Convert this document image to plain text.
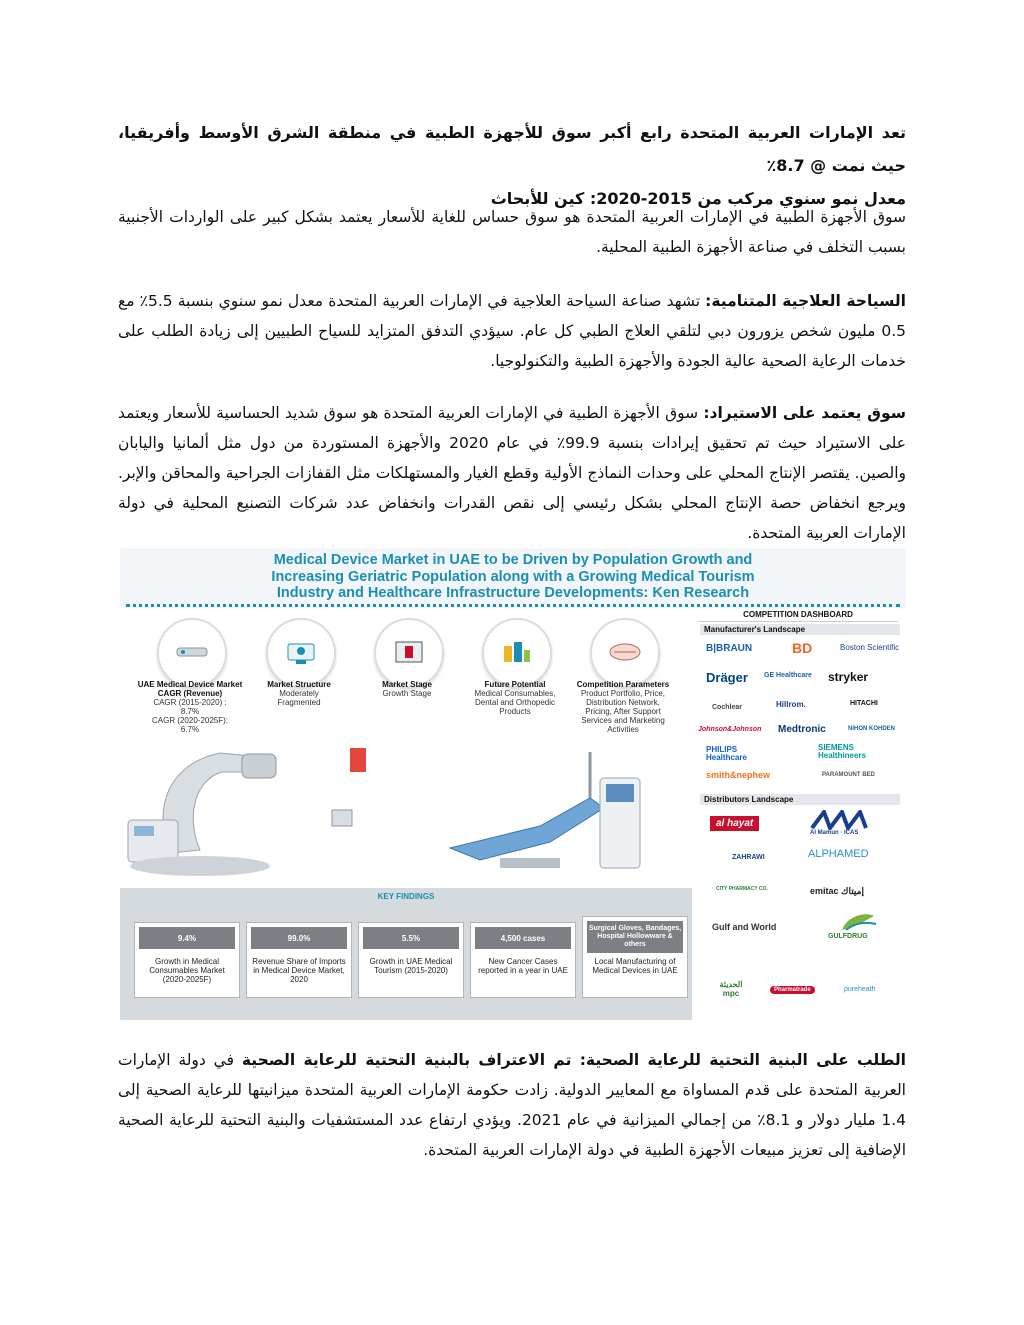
تعد الإمارات العربية المتحدة رابع أكبر سوق للأجهزة الطبية في منطقة الشرق الأوسط وأفريقيا، حيث نمت @ 8.7٪
معدل نمو سنوي مركب من 2015-2020: كين للأبحاث

سوق الأجهزة الطبية في الإمارات العربية المتحدة هو سوق حساس للغاية للأسعار يعتمد بشكل كبير على الواردات الأجنبية بسبب التخلف في صناعة الأجهزة الطبية المحلية.

السياحة العلاجية المتنامية: تشهد صناعة السياحة العلاجية في الإمارات العربية المتحدة معدل نمو سنوي بنسبة 5.5٪ مع 0.5 مليون شخص يزورون دبي لتلقي العلاج الطبي كل عام. سيؤدي التدفق المتزايد للسياح الطبيين إلى زيادة الطلب على خدمات الرعاية الصحية عالية الجودة والأجهزة الطبية والتكنولوجيا.

سوق يعتمد على الاستيراد: سوق الأجهزة الطبية في الإمارات العربية المتحدة هو سوق شديد الحساسية للأسعار ويعتمد على الاستيراد حيث تم تحقيق إيرادات بنسبة 99.9٪ في عام 2020 والأجهزة المستوردة من دول مثل ألمانيا واليابان والصين. يقتصر الإنتاج المحلي على وحدات النماذج الأولية وقطع الغيار والمستهلكات مثل القفازات الجراحية والمحاقن والإبر. ويرجع انخفاض حصة الإنتاج المحلي بشكل رئيسي إلى نقص القدرات وانخفاض عدد شركات التصنيع المحلية في دولة الإمارات العربية المتحدة.

Medical Device Market in UAE to be Driven by Population Growth and
Increasing Geriatric Population along with a Growing Medical Tourism
Industry and Healthcare Infrastructure Developments: Ken Research

UAE Medical Device Market CAGR (Revenue)
CAGR (2015-2020) :
8.7%
CAGR (2020-2025F):
6.7%
Market Structure
Moderately
Fragmented
Market Stage
Growth Stage
Future Potential
Medical Consumables,
Dental and Orthopedic
Products
Competition Parameters
Product Portfolio, Price,
Distribution Network,
Pricing, After Support
Services and Marketing
Activities
COMPETITION DASHBOARD
Manufacturer's Landscape
B|BRAUN	BD	Boston Scientific
Dräger GE Healthcare stryker
Cochlear	Hillrom.	HITACHI
Johnson&Johnson Medtronic	NIHON KOHDEN
PHILIPS Healthcare
SIEMENS Healthineers
smith&nephew	PARAMOUNT BED
Distributors Landscape
al hayat
Al Mamun · ICAS
ZAHRAWI	ALPHAMED
CITY PHARMACY CO.	emitac إميتاك
Gulf and World
GULFDRUG
الحديثة mpc	Pharmatrade	pureheath
KEY FINDINGS
9.4%
Growth in Medical Consumables Market (2020-2025F)
99.0%
Revenue Share of Imports in Medical Device Market, 2020
5.5%
Growth in UAE Medical Tourism (2015-2020)
4,500 cases
New Cancer Cases reported in a year in UAE
Surgical Gloves, Bandages, Hospital Hollowware & others
Local Manufacturing of Medical Devices in UAE

الطلب على البنية التحتية للرعاية الصحية: تم الاعتراف بالبنية التحتية للرعاية الصحية في دولة الإمارات العربية المتحدة على قدم المساواة مع المعايير الدولية. زادت حكومة الإمارات العربية المتحدة ميزانيتها للرعاية الصحية إلى 1.4 مليار دولار و 8.1٪ من إجمالي الميزانية في عام 2021. ويؤدي ارتفاع عدد المستشفيات والبنية التحتية للرعاية الصحية الإضافية إلى تعزيز مبيعات الأجهزة الطبية في دولة الإمارات العربية المتحدة.
